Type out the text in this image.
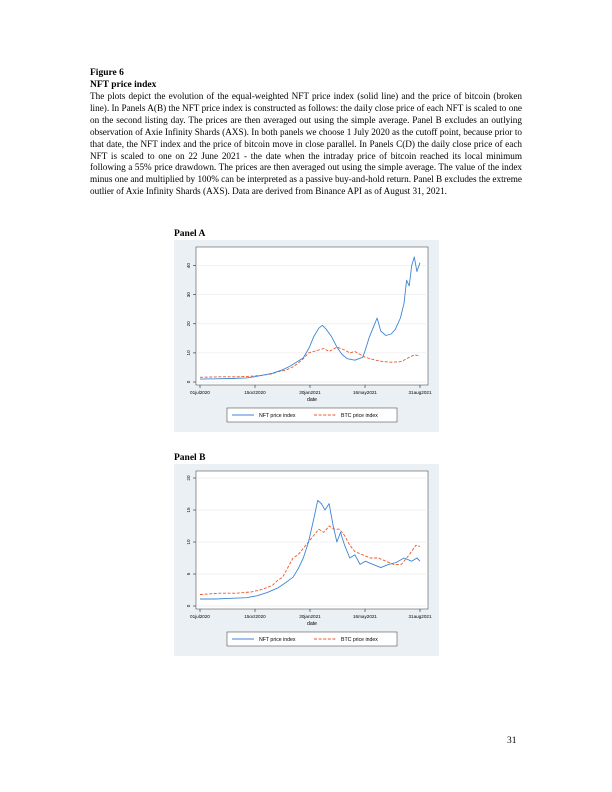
Figure 6
NFT price index

The plots depict the evolution of the equal-weighted NFT price index (solid line) and the price of bitcoin (broken line). In Panels A(B) the NFT price index is constructed as follows: the daily close price of each NFT is scaled to one on the second listing day. The prices are then averaged out using the simple average. Panel B excludes an outlying observation of Axie Infinity Shards (AXS). In both panels we choose 1 July 2020 as the cutoff point, because prior to that date, the NFT index and the price of bitcoin move in close parallel. In Panels C(D) the daily close price of each NFT is scaled to one on 22 June 2021 - the date when the intraday price of bitcoin reached its local minimum following a 55% price drawdown. The prices are then averaged out using the simple average. The value of the index minus one and multiplied by 100% can be interpreted as a passive buy-and-hold return. Panel B excludes the extreme outlier of Axie Infinity Shards (AXS). Data are derived from Binance API as of August 31, 2021.

Panel A
0
10
20
30
40
01jul2020	15oct2020	30jan2021	16may2021	31aug2021
date
NFT price index	BTC price index
Panel B
0
5
10
15
20
01jul2020	15oct2020	30jan2021	16may2021	31aug2021
date
NFT price index	BTC price index
31
